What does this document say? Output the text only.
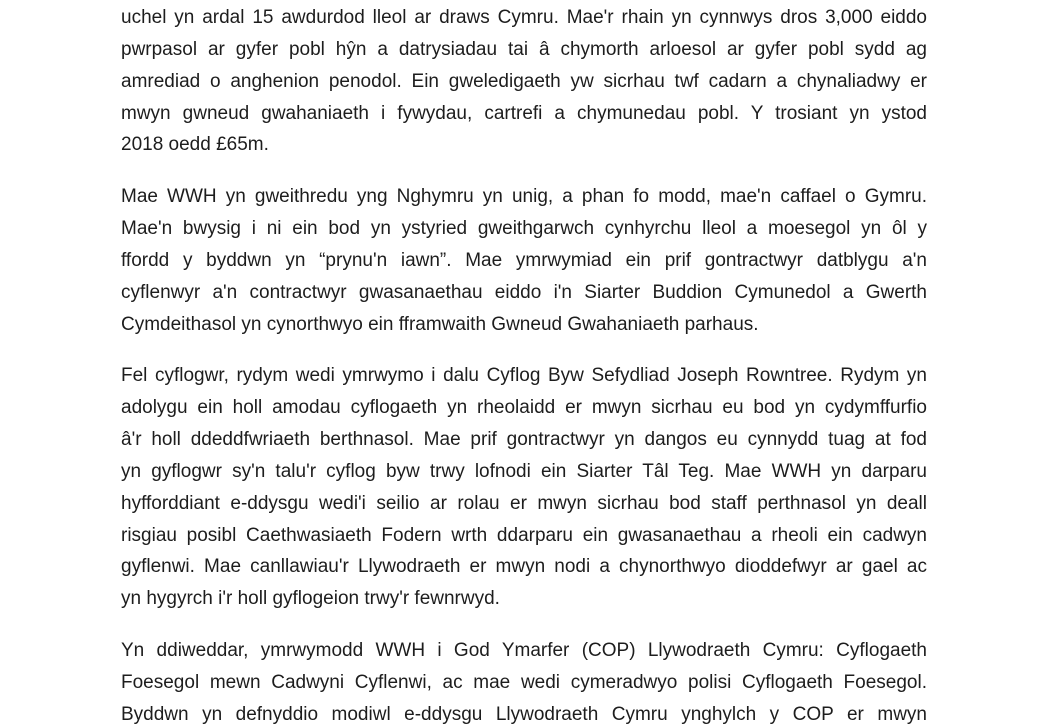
uchel yn ardal 15 awdurdod lleol ar draws Cymru. Mae'r rhain yn cynnwys dros 3,000 eiddo

pwrpasol ar gyfer pobl hŷn a datrysiadau tai â chymorth arloesol ar gyfer pobl sydd ag

amrediad o anghenion penodol. Ein gweledigaeth yw sicrhau twf cadarn a chynaliadwy er

mwyn gwneud gwahaniaeth i fywydau, cartrefi a chymunedau pobl. Y trosiant yn ystod

2018 oedd £65m.

Mae WWH yn gweithredu yng Nghymru yn unig, a phan fo modd, mae'n caffael o Gymru.

Mae'n bwysig i ni ein bod yn ystyried gweithgarwch cynhyrchu lleol a moesegol yn ôl y

ffordd y byddwn yn “prynu'n iawn”. Mae ymrwymiad ein prif gontractwyr datblygu a'n

cyflenwyr a'n contractwyr gwasanaethau eiddo i'n Siarter Buddion Cymunedol a Gwerth

Cymdeithasol yn cynorthwyo ein fframwaith Gwneud Gwahaniaeth parhaus.

Fel cyflogwr, rydym wedi ymrwymo i dalu Cyflog Byw Sefydliad Joseph Rowntree. Rydym yn

adolygu ein holl amodau cyflogaeth yn rheolaidd er mwyn sicrhau eu bod yn cydymffurfio

â'r holl ddeddfwriaeth berthnasol. Mae prif gontractwyr yn dangos eu cynnydd tuag at fod

yn gyflogwr sy'n talu'r cyflog byw trwy lofnodi ein Siarter Tâl Teg. Mae WWH yn darparu

hyfforddiant e-ddysgu wedi'i seilio ar rolau er mwyn sicrhau bod staff perthnasol yn deall

risgiau posibl Caethwasiaeth Fodern wrth ddarparu ein gwasanaethau a rheoli ein cadwyn

gyflenwi. Mae canllawiau'r Llywodraeth er mwyn nodi a chynorthwyo dioddefwyr ar gael ac

yn hygyrch i'r holl gyflogeion trwy'r fewnrwyd.

Yn ddiweddar, ymrwymodd WWH i God Ymarfer (COP) Llywodraeth Cymru: Cyflogaeth

Foesegol mewn Cadwyni Cyflenwi, ac mae wedi cymeradwyo polisi Cyflogaeth Foesegol.

Byddwn yn defnyddio modiwl e-ddysgu Llywodraeth Cymru ynghylch y COP er mwyn
